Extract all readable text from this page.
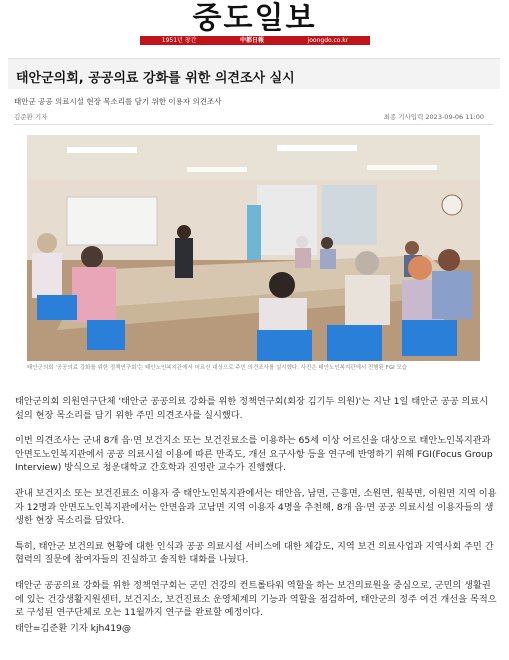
중도일보
1951년 창간	中都日報	joongdo.co.kr
태안군의회, 공공의료 강화를 위한 의견조사 실시
태안군 공공 의료시설 현장 목소리를 담기 위한 이용자 의견조사
김준환 기자	최종 기사입력 2023-09-06 11:00
태안군의회 '공공의료 강화를 위한 정책연구회'는 태안노인복지관에서 어르신 대상으로 주민 의견조사를 실시했다. 사진은 태안노인복지관에서 진행된 FGI 모습

태안군의회 의원연구단체 '태안군 공공의료 강화를 위한 정책연구회(회장 김기두 의원)'는 지난 1일 태안군 공공 의료시설의 현장 목소리를 담기 위한 주민 의견조사를 실시했다.

이번 의견조사는 군내 8개 읍·면 보건지소 또는 보건진료소를 이용하는 65세 이상 어르신을 대상으로 태안노인복지관과 안면도노인복지관에서 공공 의료시설 이용에 따른 만족도, 개선 요구사항 등을 연구에 반영하기 위해 FGI(Focus Group Interview) 방식으로 청운대학교 간호학과 진영란 교수가 진행했다.

관내 보건지소 또는 보건진료소 이용자 중 태안노인복지관에서는 태안읍, 남면, 근흥면, 소원면, 원북면, 이원면 지역 이용자 12명과 안면도노인복지관에서는 안면읍과 고남면 지역 이용자 4명을 추천해, 8개 읍·면 공공 의료시설 이용자들의 생생한 현장 목소리를 담았다.

특히, 태안군 보건의료 현황에 대한 인식과 공공 의료시설 서비스에 대한 체감도, 지역 보건 의료사업과 지역사회 주민 간 협력의 질문에 참여자들의 진실하고 솔직한 대화를 나눴다.

태안군 공공의료 강화를 위한 정책연구회는 군민 건강의 컨트롤타워 역할을 하는 보건의료원을 중심으로, 군민의 생활권에 있는 건강생활지원센터, 보건지소, 보건진료소 운영체계의 기능과 역할을 점검하여, 태안군의 정주 여건 개선을 목적으로 구성된 연구단체로 오는 11월까지 연구를 완료할 예정이다.

태안=김준환 기자 kjh419@
